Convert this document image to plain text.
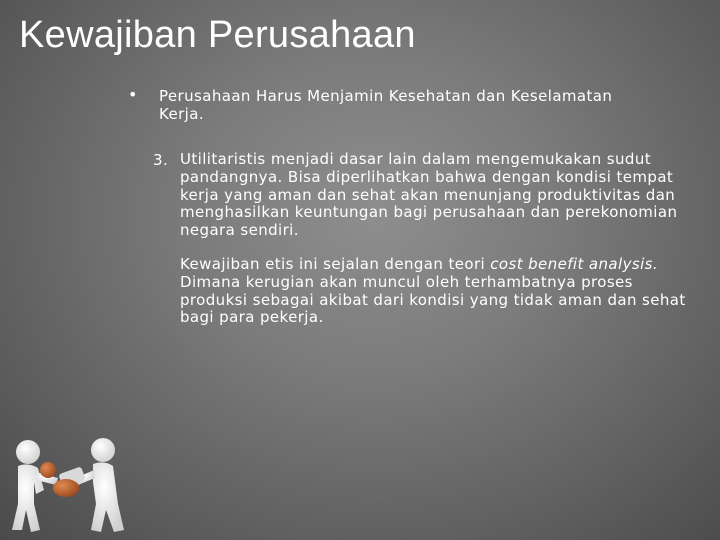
Kewajiban Perusahaan
• Perusahaan Harus Menjamin Kesehatan dan Keselamatan
Kerja.
3. Utilitaristis menjadi dasar lain dalam mengemukakan sudut pandangnya. Bisa diperlihatkan bahwa dengan kondisi tempat kerja yang aman dan sehat akan menunjang produktivitas dan menghasilkan keuntungan bagi perusahaan dan perekonomian negara sendiri.

Kewajiban etis ini sejalan dengan teori cost benefit analysis. Dimana kerugian akan muncul oleh terhambatnya proses produksi sebagai akibat dari kondisi yang tidak aman dan sehat bagi para pekerja.
